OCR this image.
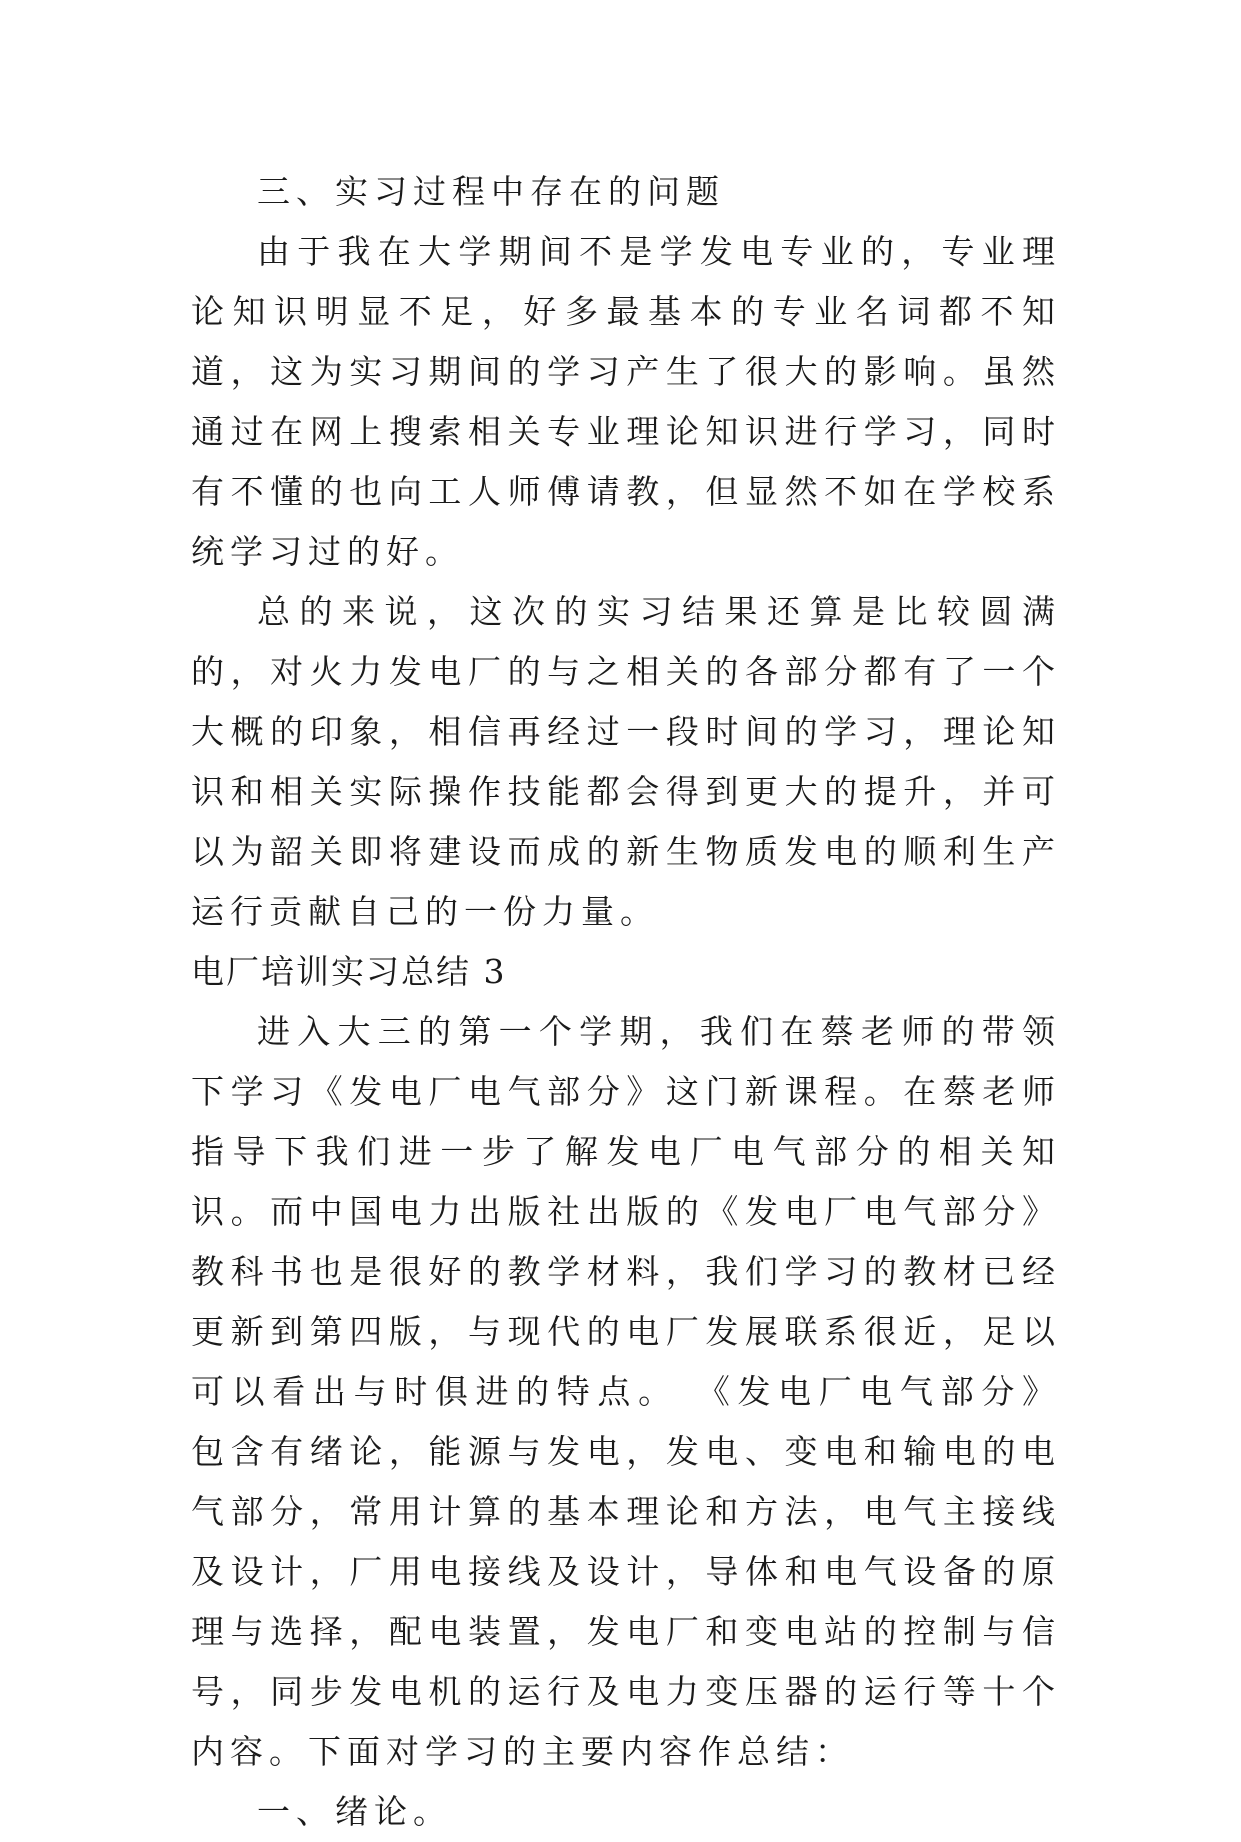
三、实习过程中存在的问题

由于我在大学期间不是学发电专业的，专业理论知识明显不足，好多最基本的专业名词都不知道，这为实习期间的学习产生了很大的影响。虽然通过在网上搜索相关专业理论知识进行学习，同时有不懂的也向工人师傅请教，但显然不如在学校系统学习过的好。

总的来说，这次的实习结果还算是比较圆满的，对火力发电厂的与之相关的各部分都有了一个大概的印象，相信再经过一段时间的学习，理论知识和相关实际操作技能都会得到更大的提升，并可以为韶关即将建设而成的新生物质发电的顺利生产运行贡献自己的一份力量。

电厂培训实习总结 3

进入大三的第一个学期，我们在蔡老师的带领下学习《发电厂电气部分》这门新课程。在蔡老师指导下我们进一步了解发电厂电气部分的相关知识。而中国电力出版社出版的《发电厂电气部分》教科书也是很好的教学材料，我们学习的教材已经更新到第四版，与现代的电厂发展联系很近，足以可以看出与时俱进的特点。 《发电厂电气部分》包含有绪论，能源与发电，发电、变电和输电的电气部分，常用计算的基本理论和方法，电气主接线及设计，厂用电接线及设计，导体和电气设备的原理与选择，配电装置，发电厂和变电站的控制与信号，同步发电机的运行及电力变压器的运行等十个内容。下面对学习的主要内容作总结：

一、绪论。
